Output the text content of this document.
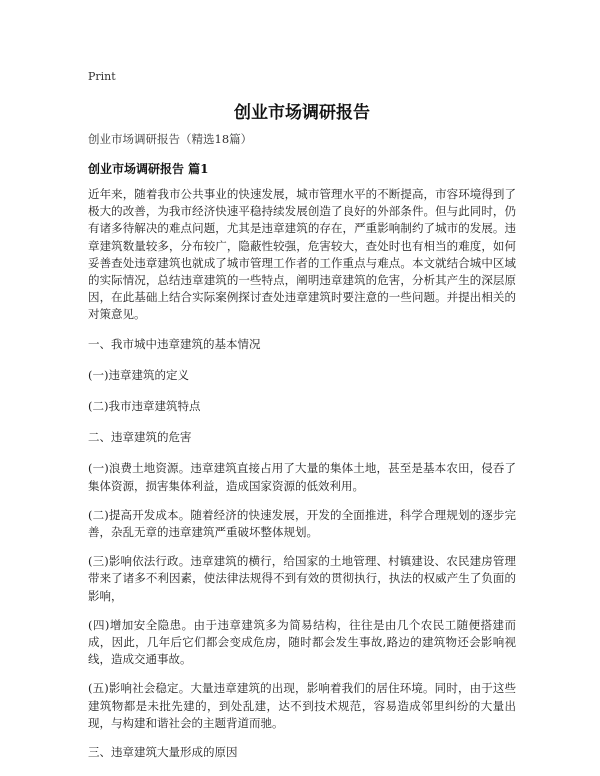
Print
创业市场调研报告
创业市场调研报告（精选18篇）
创业市场调研报告 篇1

近年来，随着我市公共事业的快速发展，城市管理水平的不断提高，市容环境得到了极大的改善，为我市经济快速平稳持续发展创造了良好的外部条件。但与此同时，仍有诸多待解决的难点问题，尤其是违章建筑的存在，严重影响制约了城市的发展。违章建筑数量较多，分布较广，隐蔽性较强，危害较大，查处时也有相当的难度，如何妥善查处违章建筑也就成了城市管理工作者的工作重点与难点。本文就结合城中区域的实际情况，总结违章建筑的一些特点，阐明违章建筑的危害，分析其产生的深层原因，在此基础上结合实际案例探讨查处违章建筑时要注意的一些问题。并提出相关的对策意见。

一、我市城中违章建筑的基本情况

(一)违章建筑的定义

(二)我市违章建筑特点

二、违章建筑的危害

(一)浪费土地资源。违章建筑直接占用了大量的集体土地，甚至是基本农田，侵吞了集体资源，损害集体利益，造成国家资源的低效利用。

(二)提高开发成本。随着经济的快速发展，开发的全面推进，科学合理规划的逐步完善，杂乱无章的违章建筑严重破坏整体规划。

(三)影响依法行政。违章建筑的横行，给国家的土地管理、村镇建设、农民建房管理带来了诸多不利因素，使法律法规得不到有效的贯彻执行，执法的权威产生了负面的影响，

(四)增加安全隐患。由于违章建筑多为简易结构，往往是由几个农民工随便搭建而成，因此，几年后它们都会变成危房，随时都会发生事故,路边的建筑物还会影响视线，造成交通事故。

(五)影响社会稳定。大量违章建筑的出现，影响着我们的居住环境。同时，由于这些建筑物都是未批先建的，到处乱建，达不到技术规范，容易造成邻里纠纷的大量出现，与构建和谐社会的主题背道而驰。

三、违章建筑大量形成的原因
